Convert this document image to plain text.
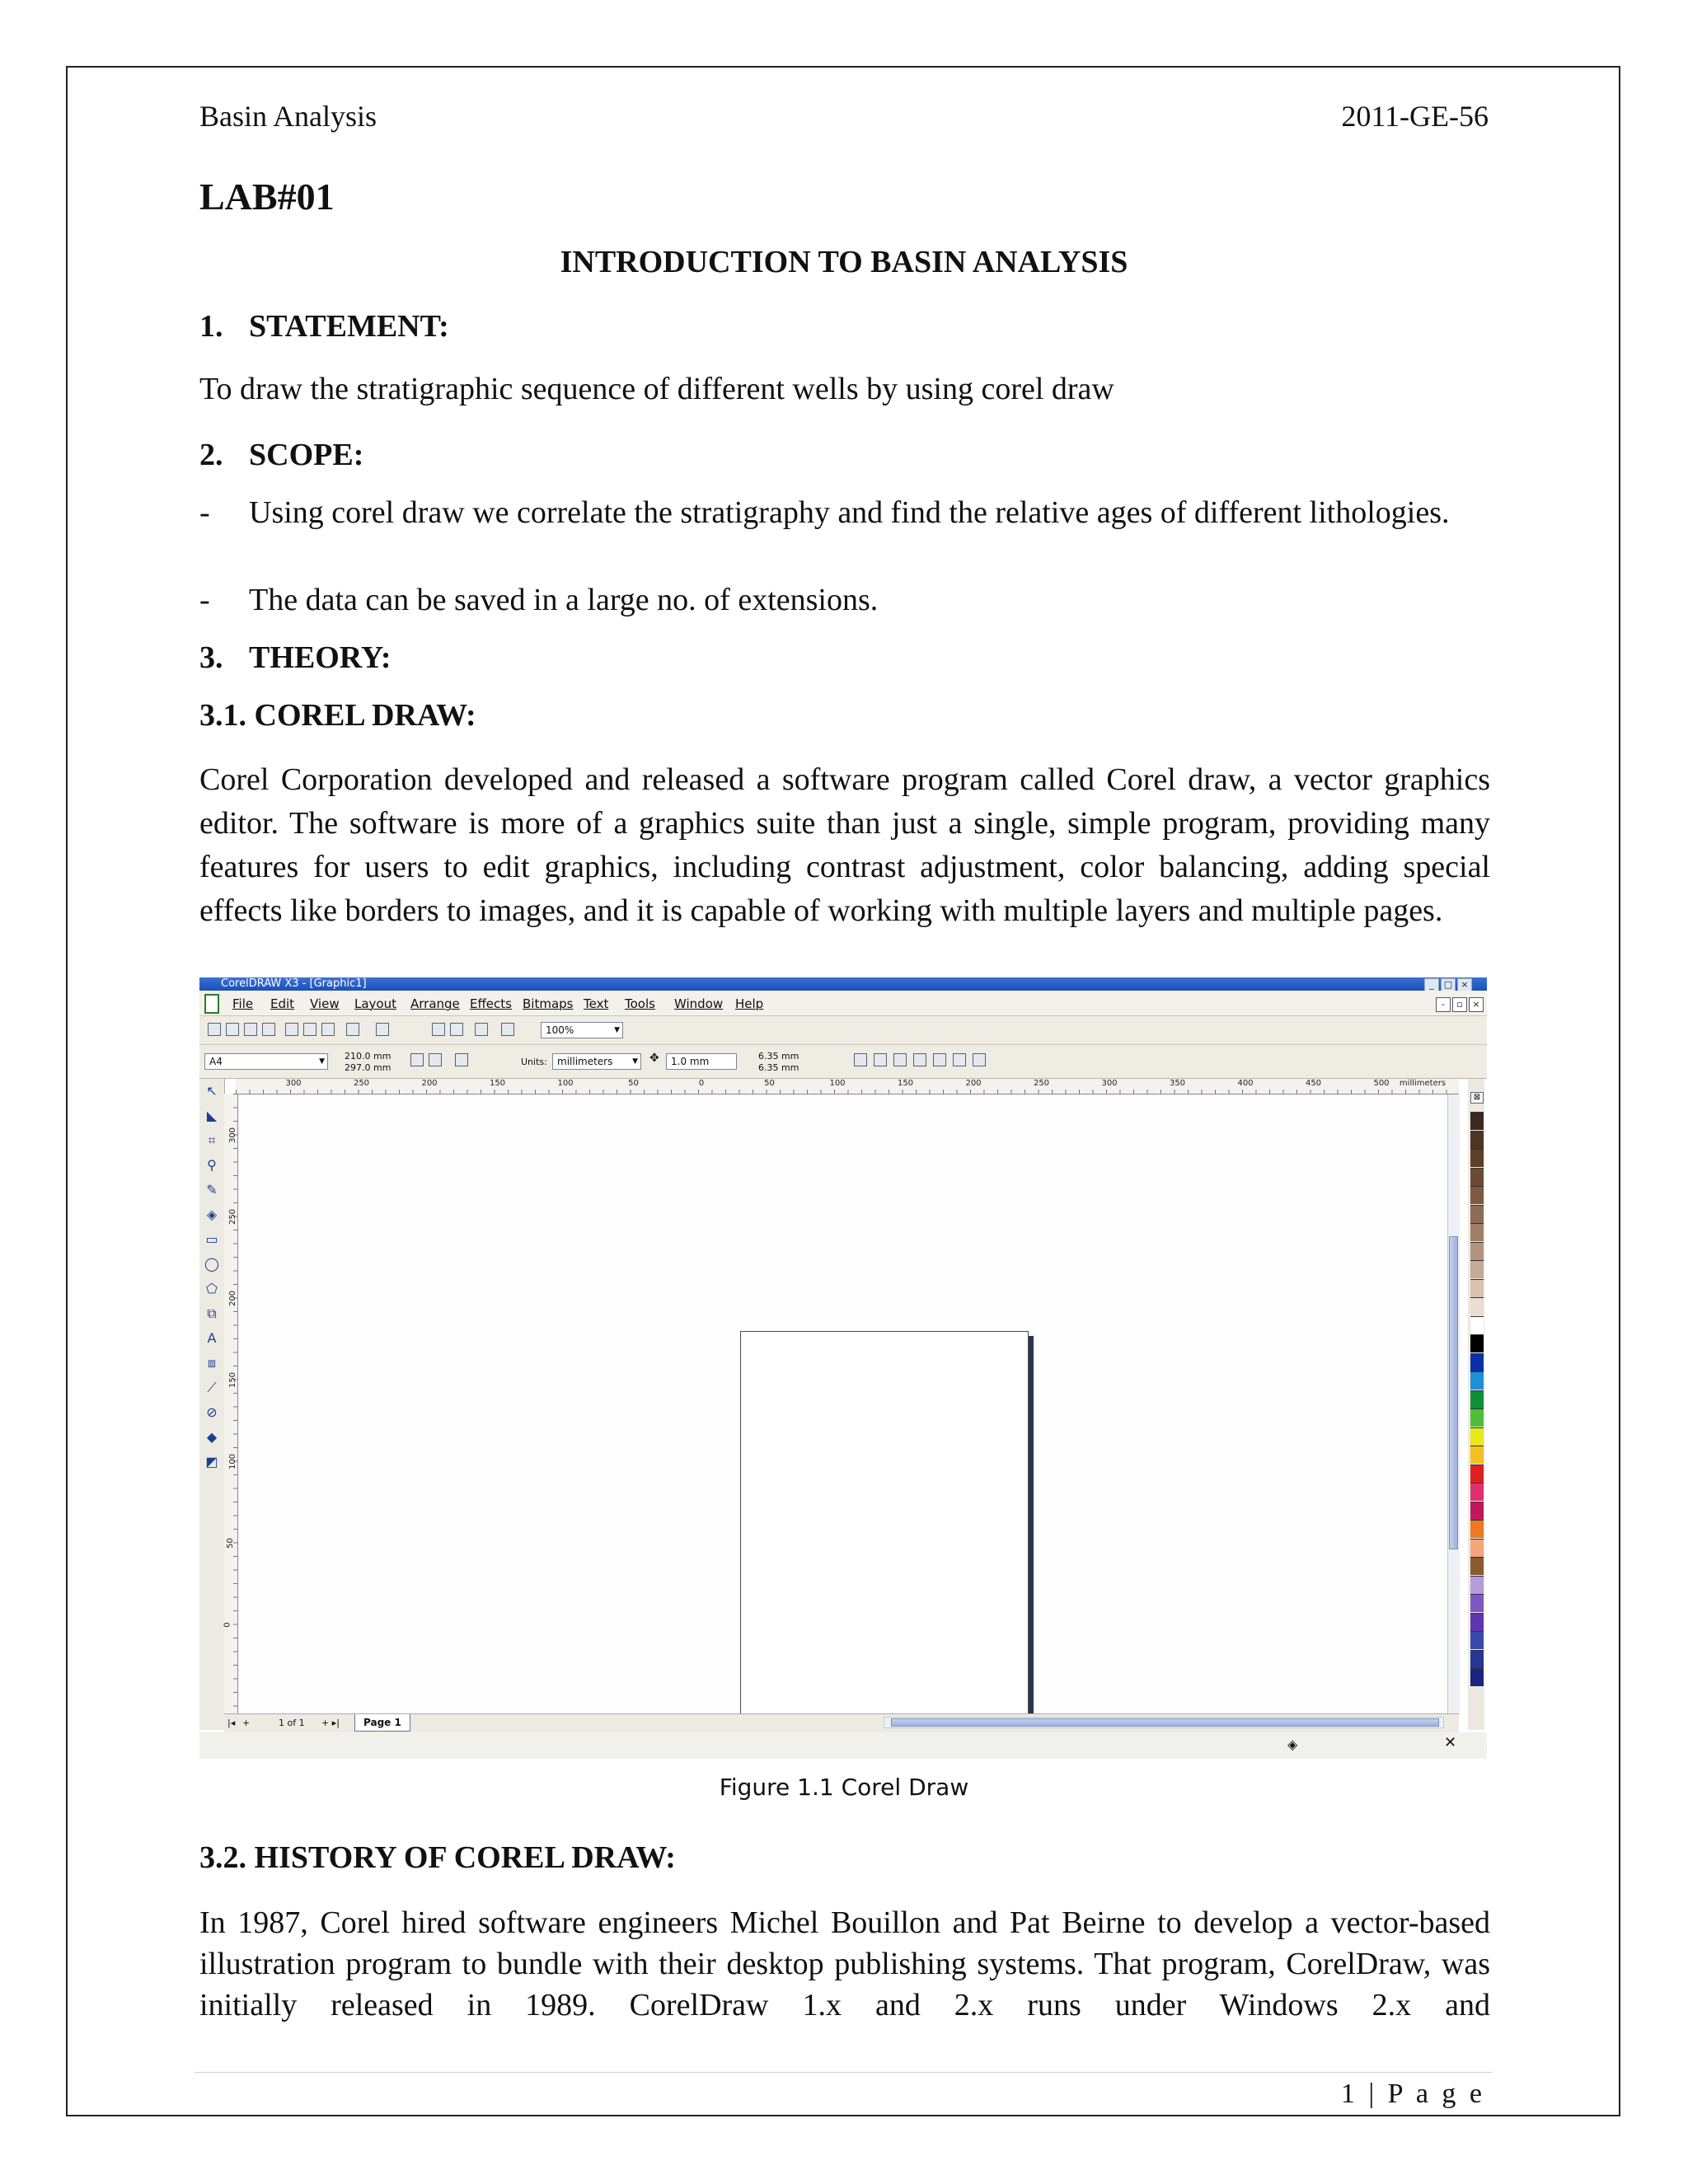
Basin Analysis	2011-GE-56
LAB#01
INTRODUCTION TO BASIN ANALYSIS
1. STATEMENT:
To draw the stratigraphic sequence of different wells by using corel draw
2. SCOPE:
- Using corel draw we correlate the stratigraphy and find the relative ages of different lithologies.
- The data can be saved in a large no. of extensions.
3. THEORY:
3.1. COREL DRAW:
Corel Corporation developed and released a software program called Corel draw, a vector graphics editor. The software is more of a graphics suite than just a single, simple program, providing many features for users to edit graphics, including contrast adjustment, color balancing, adding special effects like borders to images, and it is capable of working with multiple layers and multiple pages.
CorelDRAW X3 - [Graphic1]	_	□ ×
File Edit View Layout Arrange Effects Bitmaps Text Tools Window Help	-	▫	×
100%	▼
A4	▼ 210.0 mm
297.0 mm
Units:	millimeters	▼ ✥	1.0 mm	6.35 mm
6.35 mm
300	250	200	150	100	50	0	50	100	150	200	250	300	350	400	450	500 millimeters
↖
◣
⌗
⚲
✎
◈
▭
◯
⬠
⧉
A
⧈
⟋
⊘
◆
◩
300
250
200
150
100
50
0
⊠
|◂ +	1 of 1 + ▸|	Page 1
◈	✕
Figure 1.1 Corel Draw
3.2. HISTORY OF COREL DRAW:
In 1987, Corel hired software engineers Michel Bouillon and Pat Beirne to develop a vector-based illustration program to bundle with their desktop publishing systems. That program, CorelDraw, was initially released in 1989. CorelDraw 1.x and 2.x runs under Windows 2.x and
1 | P a g e
